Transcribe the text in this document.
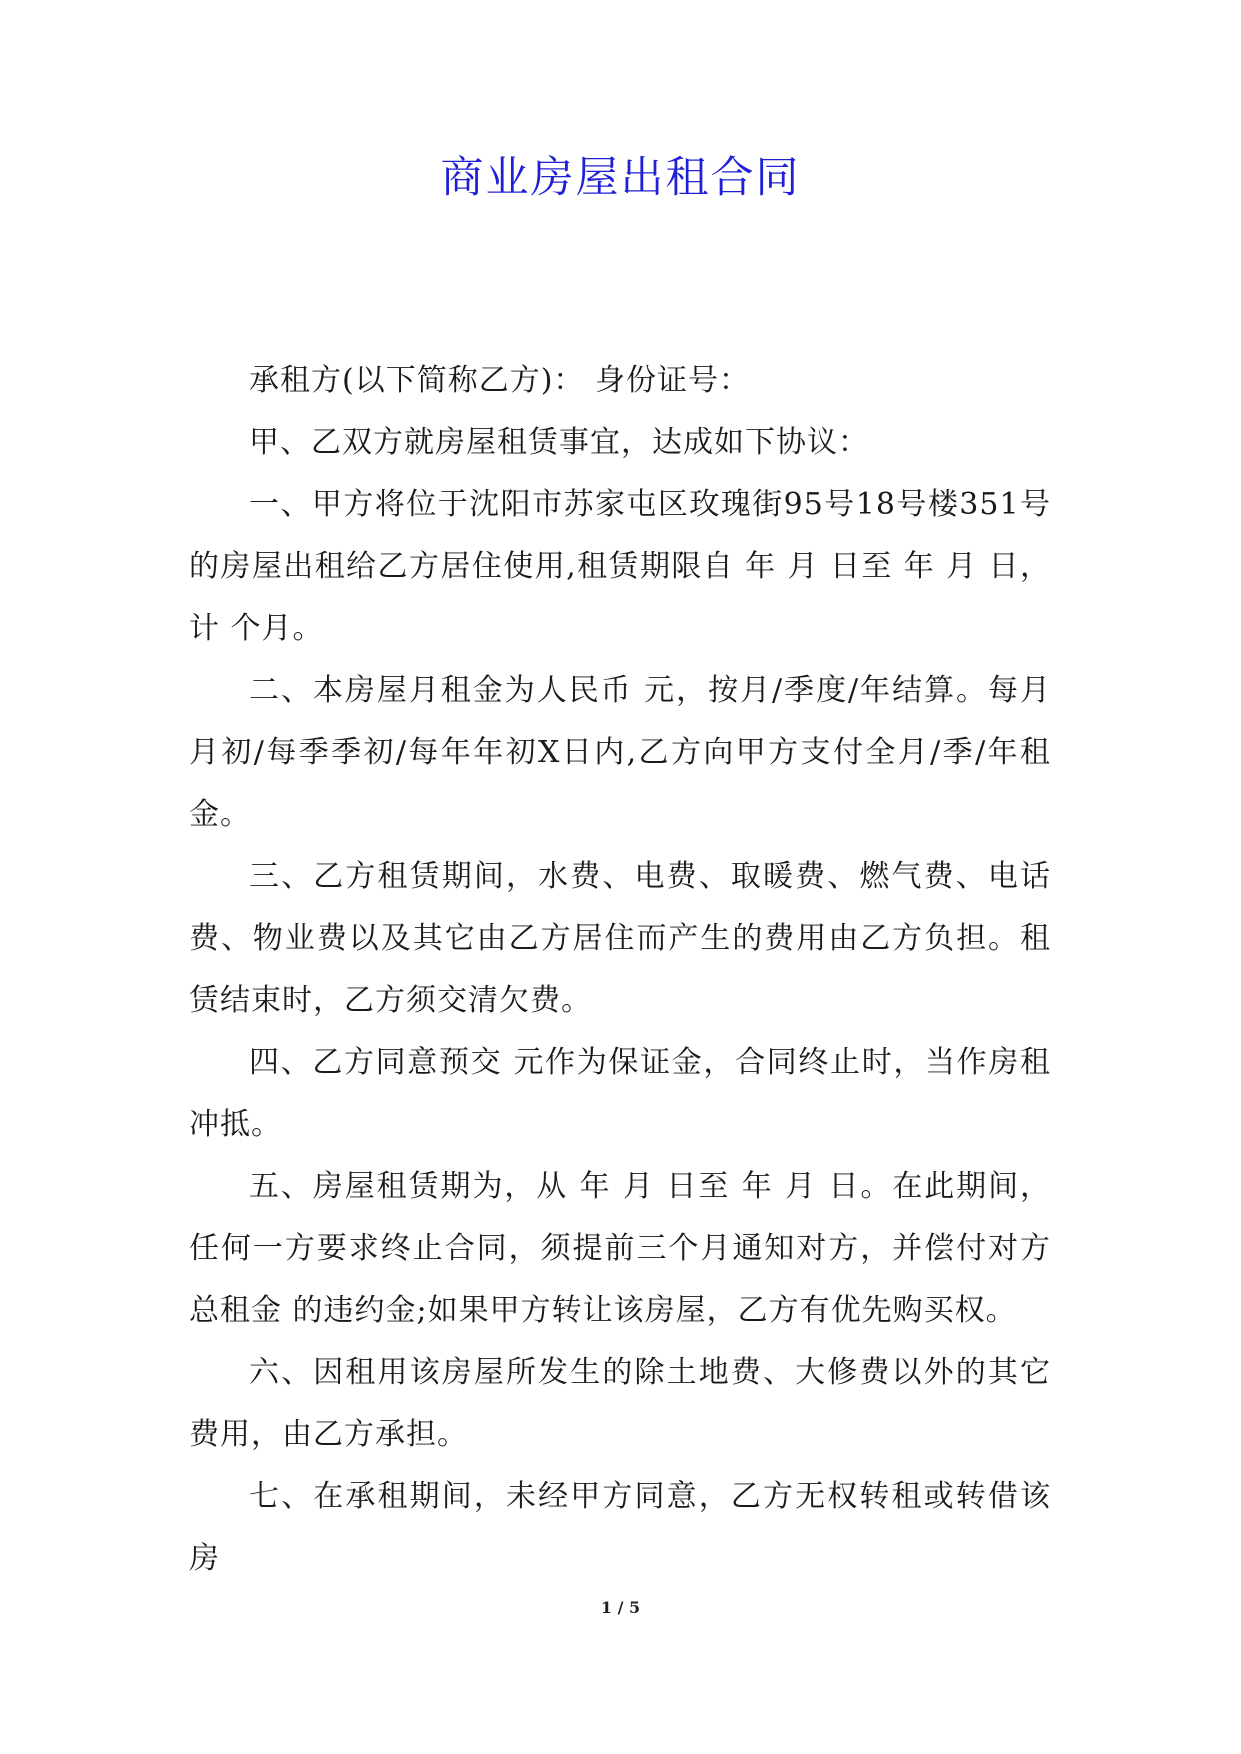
商业房屋出租合同

承租方(以下简称乙方)： 身份证号：

甲、乙双方就房屋租赁事宜，达成如下协议：

一、甲方将位于沈阳市苏家屯区玫瑰街95号18号楼351号的房屋出租给乙方居住使用,租赁期限自 年 月 日至 年 月 日，计 个月。

二、本房屋月租金为人民币 元，按月/季度/年结算。每月月初/每季季初/每年年初X日内,乙方向甲方支付全月/季/年租金。

三、乙方租赁期间，水费、电费、取暖费、燃气费、电话费、物业费以及其它由乙方居住而产生的费用由乙方负担。租赁结束时，乙方须交清欠费。

四、乙方同意预交 元作为保证金，合同终止时，当作房租冲抵。

五、房屋租赁期为，从 年 月 日至 年 月 日。在此期间，任何一方要求终止合同，须提前三个月通知对方，并偿付对方总租金 的违约金;如果甲方转让该房屋，乙方有优先购买权。

六、因租用该房屋所发生的除土地费、大修费以外的其它费用，由乙方承担。

七、在承租期间，未经甲方同意，乙方无权转租或转借该房

1 / 5
